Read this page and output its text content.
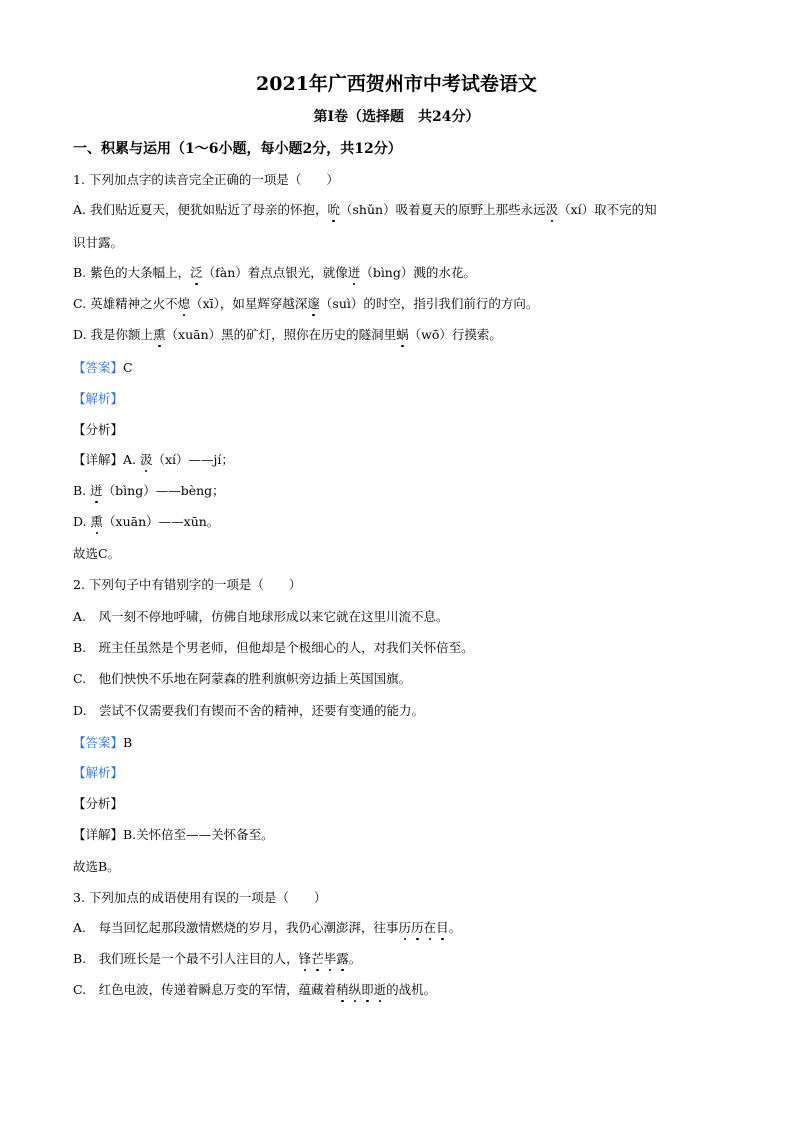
2021年广西贺州市中考试卷语文
第Ⅰ卷（选择题　共24分）
一、积累与运用（1～6小题，每小题2分，共12分）
1. 下列加点字的读音完全正确的一项是（　　）
A. 我们贴近夏天，便犹如贴近了母亲的怀抱，吮（shǔn）吸着夏天的原野上那些永远汲（xí）取不完的知
识甘露。
B. 紫色的大条幅上，泛（fàn）着点点银光，就像迸（bìng）溅的水花。
C. 英雄精神之火不熄（xī），如星辉穿越深邃（suì）的时空，指引我们前行的方向。
D. 我是你额上熏（xuān）黑的矿灯，照你在历史的隧洞里蜗（wō）行摸索。
【答案】C
【解析】
【分析】
【详解】A. 汲（xí）——jí；
B. 迸（bìng）——bèng；
D. 熏（xuān）——xūn。
故选C。
2. 下列句子中有错别字的一项是（　　）
A.　风一刻不停地呼啸，仿佛自地球形成以来它就在这里川流不息。
B.　班主任虽然是个男老师，但他却是个极细心的人，对我们关怀倍至。
C.　他们怏怏不乐地在阿蒙森的胜利旗帜旁边插上英国国旗。
D.　尝试不仅需要我们有锲而不舍的精神，还要有变通的能力。
【答案】B
【解析】
【分析】
【详解】B.关怀倍至——关怀备至。
故选B。
3. 下列加点的成语使用有误的一项是（　　）
A.　每当回忆起那段激情燃烧的岁月，我仍心潮澎湃，往事历历在目。
B.　我们班长是一个最不引人注目的人，锋芒毕露。
C.　红色电波，传递着瞬息万变的军情，蕴藏着稍纵即逝的战机。
